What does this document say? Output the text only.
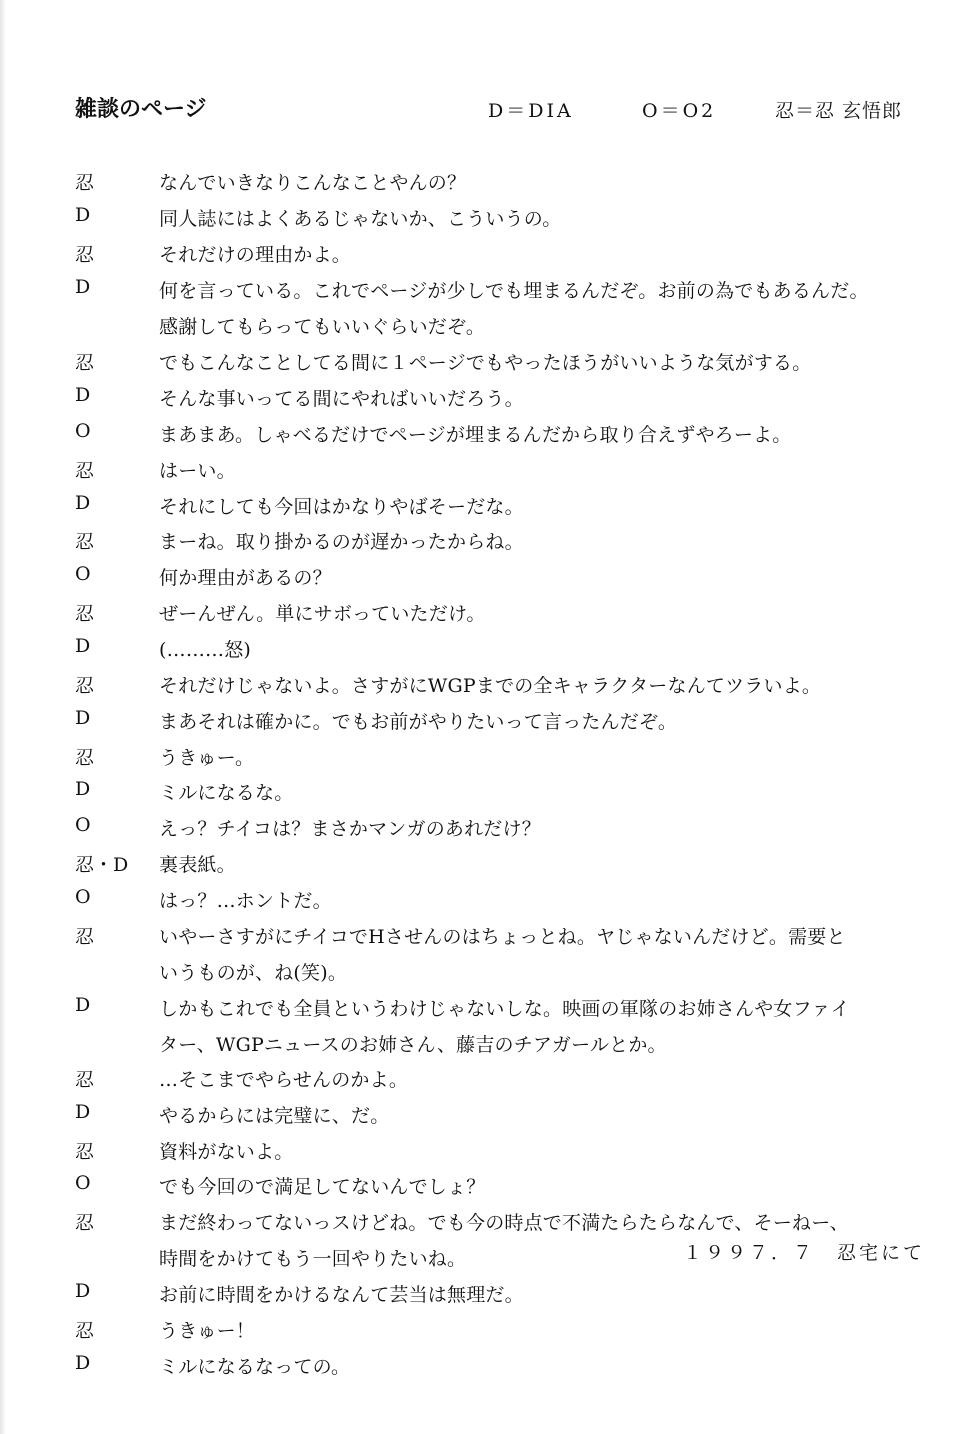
雑談のページ	D＝DIA	O＝O2	忍＝忍 玄悟郎
忍	なんでいきなりこんなことやんの？
D	同人誌にはよくあるじゃないか、こういうの。
忍	それだけの理由かよ。
D	何を言っている。これでページが少しでも埋まるんだぞ。お前の為でもあるんだ。
感謝してもらってもいいぐらいだぞ。
忍	でもこんなことしてる間に１ページでもやったほうがいいような気がする。
D	そんな事いってる間にやればいいだろう。
O	まあまあ。しゃべるだけでページが埋まるんだから取り合えずやろーよ。
忍	はーい。
D	それにしても今回はかなりやばそーだな。
忍	まーね。取り掛かるのが遅かったからね。
O	何か理由があるの？
忍	ぜーんぜん。単にサボっていただけ。
D	(………怒)
忍	それだけじゃないよ。さすがにWGPまでの全キャラクターなんてツラいよ。
D	まあそれは確かに。でもお前がやりたいって言ったんだぞ。
忍	うきゅー。
D	ミルになるな。
O	えっ？チイコは？まさかマンガのあれだけ？
忍・D	裏表紙。
O	はっ？…ホントだ。
忍	いやーさすがにチイコでHさせんのはちょっとね。ヤじゃないんだけど。需要と
いうものが、ね(笑)。
D	しかもこれでも全員というわけじゃないしな。映画の軍隊のお姉さんや女ファイ
ター、WGPニュースのお姉さん、藤吉のチアガールとか。
忍	…そこまでやらせんのかよ。
D	やるからには完璧に、だ。
忍	資料がないよ。
O	でも今回ので満足してないんでしょ？
忍	まだ終わってないっスけどね。でも今の時点で不満たらたらなんで、そーねー、
時間をかけてもう一回やりたいね。
D	お前に時間をかけるなんて芸当は無理だ。
忍	うきゅー！
D	ミルになるなっての。
１９９７．７　忍宅にて
